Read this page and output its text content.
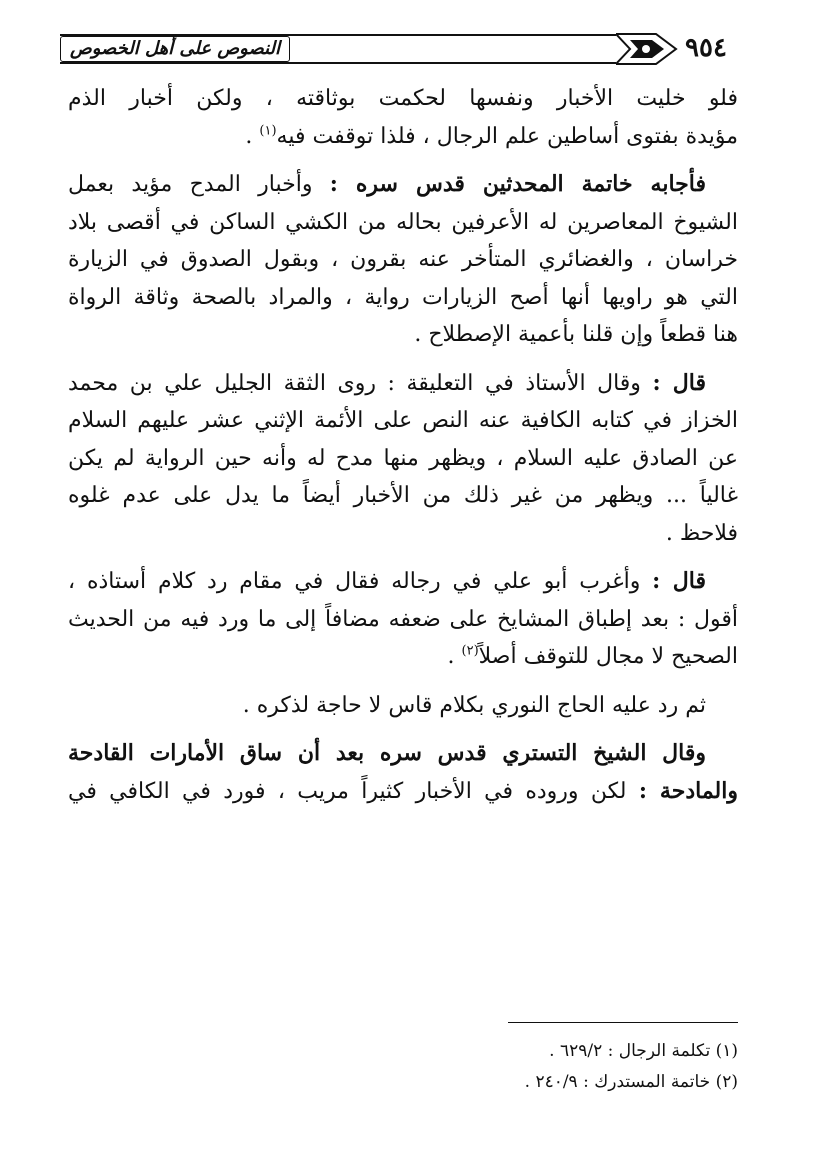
النصوص على أهل الخصوص	٩٥٤
فلو خليت الأخبار ونفسها لحكمت بوثاقته ، ولكن أخبار الذم
مؤيدة بفتوى أساطين علم الرجال ، فلذا توقفت فيه$^{(١)}$ .
فأجابه خاتمة المحدثين قدس سره : وأخبار المدح مؤيد بعمل
الشيوخ المعاصرين له الأعرفين بحاله من الكشي الساكن في أقصى بلاد
خراسان ، والغضائري المتأخر عنه بقرون ، وبقول الصدوق في الزيارة
التي هو راويها أنها أصح الزيارات رواية ، والمراد بالصحة وثاقة الرواة
هنا قطعاً وإن قلنا بأعمية الإصطلاح .
قال : وقال الأستاذ في التعليقة : روى الثقة الجليل علي بن محمد
الخزاز في كتابه الكافية عنه النص على الأئمة الإثني عشر عليهم السلام
عن الصادق عليه السلام ، ويظهر منها مدح له وأنه حين الرواية لم يكن
غالياً ... ويظهر من غير ذلك من الأخبار أيضاً ما يدل على عدم غلوه
فلاحظ .
قال : وأغرب أبو علي في رجاله فقال في مقام رد كلام أستاذه ،
أقول : بعد إطباق المشايخ على ضعفه مضافاً إلى ما ورد فيه من الحديث
الصحيح لا مجال للتوقف أصلاً$^{(٢)}$ .
ثم رد عليه الحاج النوري بكلام قاس لا حاجة لذكره .
وقال الشيخ التستري قدس سره بعد أن ساق الأمارات القادحة
والمادحة : لكن وروده في الأخبار كثيراً مريب ، فورد في الكافي في
(١) تكلمة الرجال : ٦٢٩/٢ .
(٢) خاتمة المستدرك : ٢٤٠/٩ .
